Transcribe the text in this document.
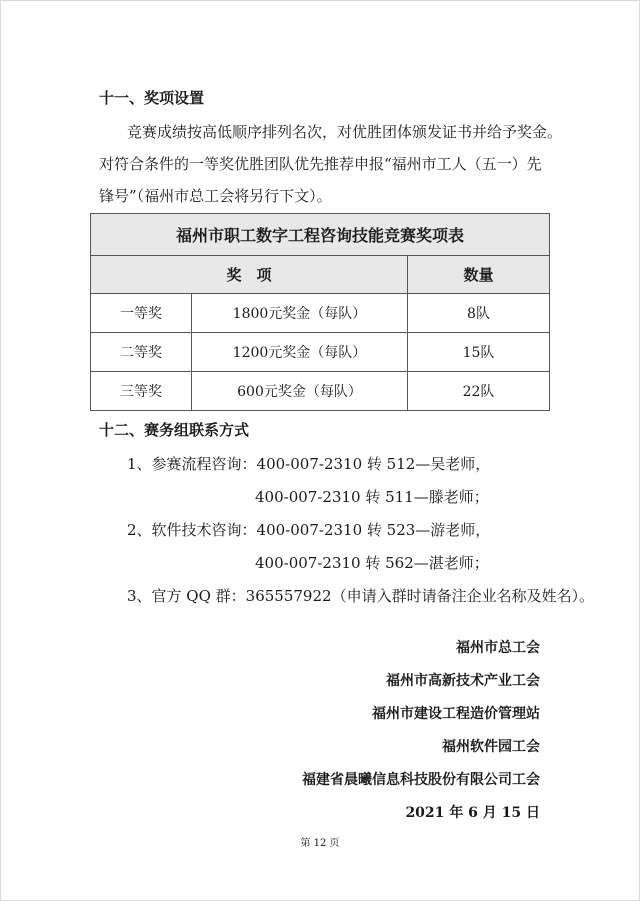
十一、奖项设置
竞赛成绩按高低顺序排列名次，对优胜团体颁发证书并给予奖金。
对符合条件的一等奖优胜团队优先推荐申报“福州市工人（五一）先
锋号”（福州市总工会将另行下文）。
福州市职工数字工程咨询技能竞赛奖项表		
奖　项		数量
一等奖	1800元奖金（每队）	8队
二等奖	1200元奖金（每队）	15队
三等奖	600元奖金（每队）	22队
十二、赛务组联系方式
1、参赛流程咨询：400-007-2310 转 512—吴老师，
400-007-2310 转 511—滕老师；
2、软件技术咨询：400-007-2310 转 523—游老师，
400-007-2310 转 562—湛老师；
3、官方 QQ 群：365557922（申请入群时请备注企业名称及姓名）。
福州市总工会
福州市高新技术产业工会
福州市建设工程造价管理站
福州软件园工会
福建省晨曦信息科技股份有限公司工会
2021 年 6 月 15 日
第 12 页
